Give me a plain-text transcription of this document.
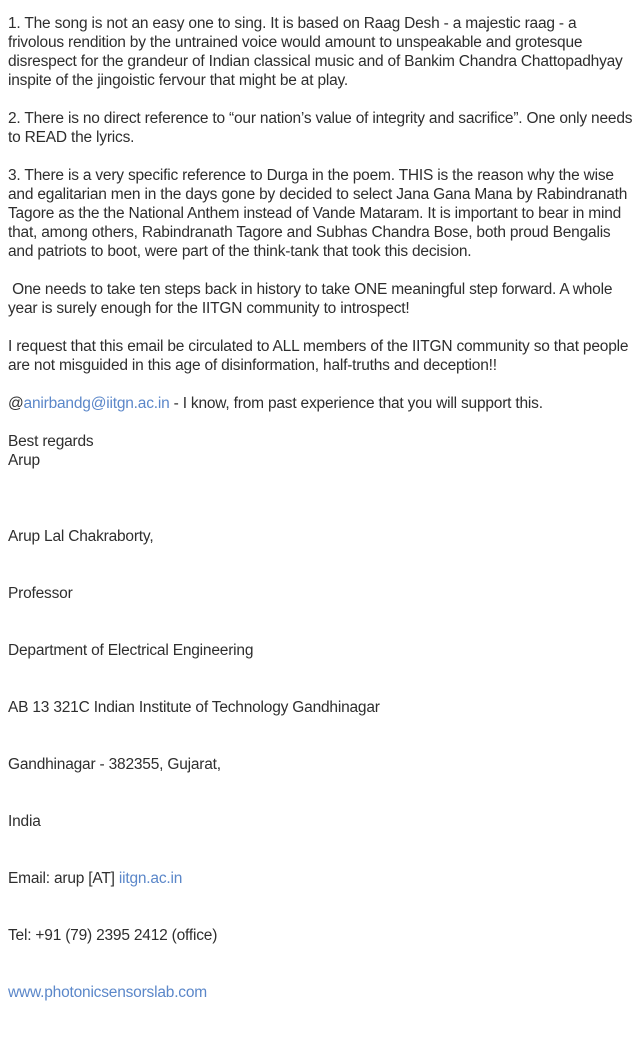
1. The song is not an easy one to sing. It is based on Raag Desh - a majestic raag - a frivolous rendition by the untrained voice would amount to unspeakable and grotesque disrespect for the grandeur of Indian classical music and of Bankim Chandra Chattopadhyay inspite of the jingoistic fervour that might be at play.

2. There is no direct reference to “our nation’s value of integrity and sacrifice”. One only needs to READ the lyrics.

3. There is a very specific reference to Durga in the poem. THIS is the reason why the wise and egalitarian men in the days gone by decided to select Jana Gana Mana by Rabindranath Tagore as the the National Anthem instead of Vande Mataram. It is important to bear in mind that, among others, Rabindranath Tagore and Subhas Chandra Bose, both proud Bengalis and patriots to boot, were part of the think-tank that took this decision.

One needs to take ten steps back in history to take ONE meaningful step forward. A whole year is surely enough for the IITGN community to introspect!

I request that this email be circulated to ALL members of the IITGN community so that people are not misguided in this age of disinformation, half-truths and deception!!

@anirbandg@iitgn.ac.in - I know, from past experience that you will support this.

Best regards
Arup

Arup Lal Chakraborty,

Professor

Department of Electrical Engineering

AB 13 321C Indian Institute of Technology Gandhinagar

Gandhinagar - 382355, Gujarat,

India

Email: arup [AT] iitgn.ac.in

Tel: +91 (79) 2395 2412 (office)

www.photonicsensorslab.com
